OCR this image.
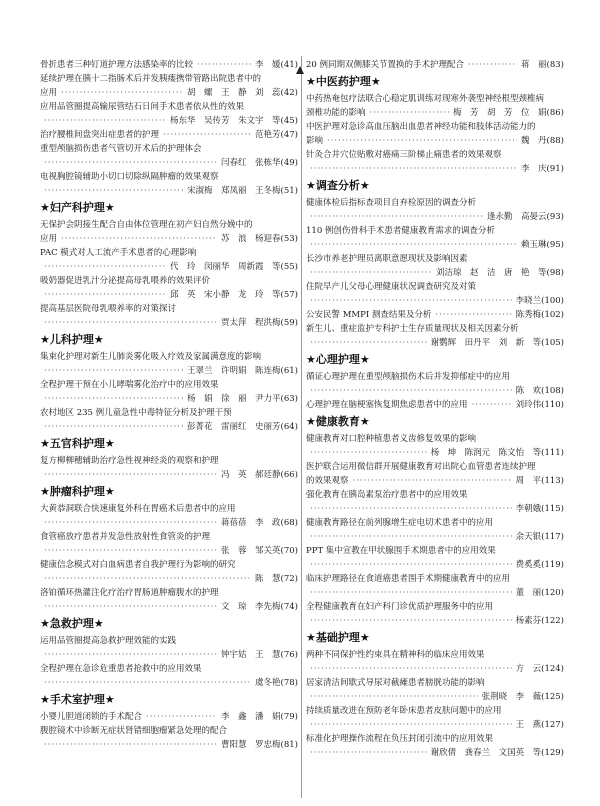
骨折患者三种钉道护理方法感染率的比较 ·····	李　媛 (41)
延续护理在胰十二指肠术后并发胰瘘携带管路出院患者中的
应用 ·····	胡　螺　王　静　刘　蕊 (42)
应用品管圈提高输尿管结石日间手术患者依从性的效果
·····
杨东华　吴传芳　朱文宇　等 (45)
治疗腰椎间盘突出症患者的护理 ·····	范艳芳 (47)
重型颅脑损伤患者气管切开术后的护理体会
·····
闫春红　张栋华 (49)
电视胸腔镜辅助小切口切除纵隔肿瘤的效果观察
·····
宋淑梅　郑凤丽　王冬梅 (51)
★妇产科护理★
无保护会阴接生配合自由体位管理在初产妇自然分娩中的
应用 ·····	苏　浪　杨迎春 (53)
PAC 模式对人工流产手术患者的心理影响
·····
代　玲　闵丽华　周新霞　等 (55)
吸奶器促进乳汁分泌提高母乳喂养的效果评价
·····
邱　英　宋小静　龙　玲　等 (57)
提高基层医院母乳喂养率的对策探讨
·····
贾太萍　程洪梅 (59)
★儿科护理★
集束化护理对新生儿肺炎雾化吸入疗效及家属满意度的影响
·····
王翠兰　许明娟　陈连梅 (61)
全程护理干预在小儿哮喘雾化治疗中的应用效果
·····
杨　娟　徐　丽　尹力平 (63)
农村地区 235 例儿童急性中毒特征分析及护理干预
·····
彭菁花　雷丽红　史丽芳 (64)
★五官科护理★
复方柳柳穗辅助治疗急性视神经炎的观察和护理
·····
冯　英　郝廷静 (66)
★肿瘤科护理★
大黄恭洞联合快速康复外科在胃癌术后患者中的应用
·····
蒋蓓蓓　李　政 (68)
食管癌放疗患者并发急性放射性食管炎的护理
·····
张　蓉　邹关英 (70)
健康信念模式对白血病患者自我护理行为影响的研究
·····
陈　慧 (72)
洛铂循环热灌注化疗治疗胃肠道肿瘤腹水的护理
·····
文　琼　李先梅 (74)
★急救护理★
运用品管圈提高急救护理效能的实践
·····
钟宇姑　王　慧 (76)
全程护理在急诊危重患者抢救中的应用效果
·····
虞冬艳 (78)
★手术室护理★
小婴儿胆道闭锁的手术配合 ·····	李　鑫　潘　娟 (79)
腹腔镜术中诊断无症状肾错细胞瘤紧急处理的配合
·····
曹阳慧　罗忠梅 (81)
20 例同期双侧膝关节置换的手术护理配合 ·····	蒋　丽 (83)
★中医药护理★
中药热奄包疗法联合心稳定肌训练对现寒外袭型神经根型颈椎病
颈椎功能的影响 ·····	梅　芳　胡　芳　位　娟 (86)
中医护理对急诊高血压脑出血患者神经功能和肢体活动能力的
影响 ·····	魏　丹 (88)
针灸合并穴位贴敷对癌痛三阶梯止痛患者的效果观察
·····
李　庆 (91)
★调查分析★
健康体检后指标查项目自弃检原因的调查分析
·····
逢永勤　高晏云 (93)
110 例创伤骨科手术患者健康教育需求的调查分析
·····
赖玉琳 (95)
长沙市养老护理员离职意愿现状及影响因素
·····
刘洁琼　赵　洁　唐　艳　等 (98)
住院早产儿父母心理健康状况调查研究及对策
·····
李晓兰 (100)
公安民警 MMPI 测查结果及分析 ·····	陈秀梅 (102)
新生儿、重症监护专科护士生存质量现状及相关因素分析
·····
谢鹦辉　田丹平　刘　新　等 (105)
★心理护理★
循证心理护理在重型颅脑损伤术后并发抑郁症中的应用
·····
陈　欢 (108)
心理护理在脑梗塞恢复期焦虑患者中的应用 ·····	刘玲伟 (110)
★健康教育★
健康教育对口腔种植患者义齿修复效果的影响
·····
杨　坤　陈润元　陈文怡　等 (111)
医护联合运用微信群开展健康教育对出院心血管患者连续护理
的效果观察 ·····	周　平 (113)
强化教育在胰岛素泵治疗患者中的应用效果
·····
李朝娥 (115)
健康教育路径在前列腺增生症电切术患者中的应用
·····
余天银 (117)
PPT 集中宣教在甲状腺围手术期患者中的应用效果
·····
费奚奚 (119)
临床护理路径在食道癌患者围手术期健康教育中的应用
·····
董　丽 (120)
全程健康教育在妇产科门诊优质护理服务中的应用
·····
杨素芬 (122)
★基础护理★
两种不同保护性约束具在精神科的临床应用效果
·····
方　云 (124)
居家清洁间歇式导尿对截瘫患者膀胱功能的影响
·····
张荆晓　李　薇 (125)
持续质量改进在预防老年卧床患者皮肤问题中的应用
·····
王　燕 (127)
标准化护理操作流程在负压封闭引流中的应用效果
·····
谢欣倩　龚春兰　文国英　等 (129)
